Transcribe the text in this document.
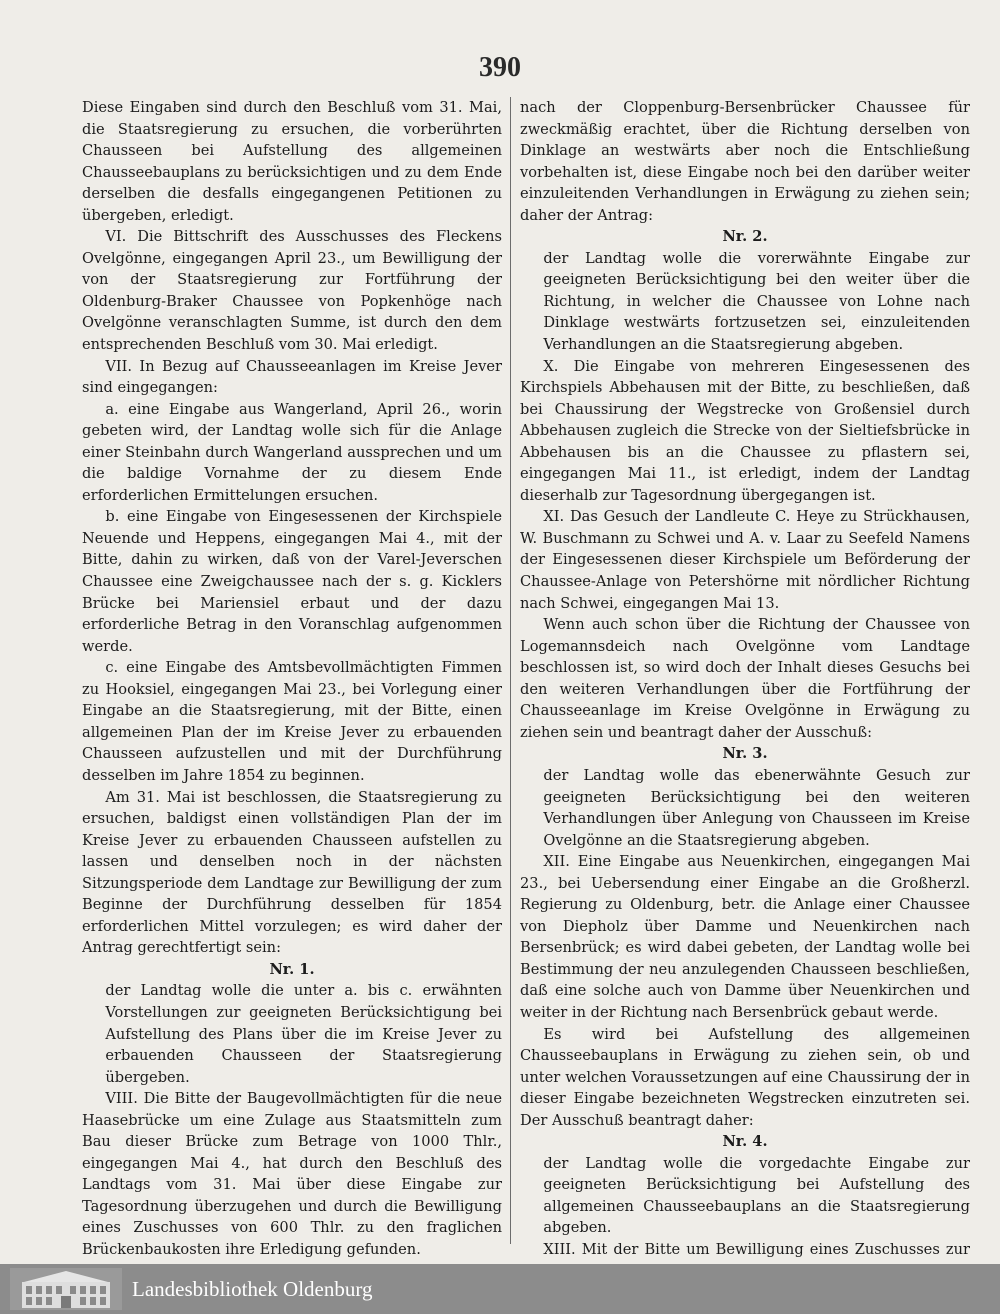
390

Diese Eingaben sind durch den Beschluß vom 31. Mai, die Staatsregierung zu ersuchen, die vorberührten Chausseen bei Aufstellung des allgemeinen Chausseebauplans zu berücksichtigen und zu dem Ende derselben die desfalls eingegangenen Petitionen zu übergeben, erledigt.

VI. Die Bittschrift des Ausschusses des Fleckens Ovelgönne, eingegangen April 23., um Bewilligung der von der Staatsregierung zur Fortführung der Oldenburg-Braker Chaussee von Popkenhöge nach Ovelgönne veranschlagten Summe, ist durch den dem entsprechenden Beschluß vom 30. Mai erledigt.

VII. In Bezug auf Chausseeanlagen im Kreise Jever sind eingegangen:

a. eine Eingabe aus Wangerland, April 26., worin gebeten wird, der Landtag wolle sich für die Anlage einer Steinbahn durch Wangerland aussprechen und um die baldige Vornahme der zu diesem Ende erforderlichen Ermittelungen ersuchen.

b. eine Eingabe von Eingesessenen der Kirchspiele Neuende und Heppens, eingegangen Mai 4., mit der Bitte, dahin zu wirken, daß von der Varel-Jeverschen Chaussee eine Zweigchaussee nach der s. g. Kicklers Brücke bei Mariensiel erbaut und der dazu erforderliche Betrag in den Voranschlag aufgenommen werde.

c. eine Eingabe des Amtsbevollmächtigten Fimmen zu Hooksiel, eingegangen Mai 23., bei Vorlegung einer Eingabe an die Staatsregierung, mit der Bitte, einen allgemeinen Plan der im Kreise Jever zu erbauenden Chausseen aufzustellen und mit der Durchführung desselben im Jahre 1854 zu beginnen.

Am 31. Mai ist beschlossen, die Staatsregierung zu ersuchen, baldigst einen vollständigen Plan der im Kreise Jever zu erbauenden Chausseen aufstellen zu lassen und denselben noch in der nächsten Sitzungsperiode dem Landtage zur Bewilligung der zum Beginne der Durchführung desselben für 1854 erforderlichen Mittel vorzulegen; es wird daher der Antrag gerechtfertigt sein:

Nr. 1.

der Landtag wolle die unter a. bis c. erwähnten Vorstellungen zur geeigneten Berücksichtigung bei Aufstellung des Plans über die im Kreise Jever zu erbauenden Chausseen der Staatsregierung übergeben.

VIII. Die Bitte der Baugevollmächtigten für die neue Haasebrücke um eine Zulage aus Staatsmitteln zum Bau dieser Brücke zum Betrage von 1000 Thlr., eingegangen Mai 4., hat durch den Beschluß des Landtags vom 31. Mai über diese Eingabe zur Tagesordnung überzugehen und durch die Bewilligung eines Zuschusses von 600 Thlr. zu den fraglichen Brückenbaukosten ihre Erledigung gefunden.

nach der Cloppenburg-Bersenbrücker Chaussee für zweckmäßig erachtet, über die Richtung derselben von Dinklage an westwärts aber noch die Entschließung vorbehalten ist, diese Eingabe noch bei den darüber weiter einzuleitenden Verhandlungen in Erwägung zu ziehen sein; daher der Antrag:

Nr. 2.

der Landtag wolle die vorerwähnte Eingabe zur geeigneten Berücksichtigung bei den weiter über die Richtung, in welcher die Chaussee von Lohne nach Dinklage westwärts fortzusetzen sei, einzuleitenden Verhandlungen an die Staatsregierung abgeben.

X. Die Eingabe von mehreren Eingesessenen des Kirchspiels Abbehausen mit der Bitte, zu beschließen, daß bei Chaussirung der Wegstrecke von Großensiel durch Abbehausen zugleich die Strecke von der Sieltiefsbrücke in Abbehausen bis an die Chaussee zu pflastern sei, eingegangen Mai 11., ist erledigt, indem der Landtag dieserhalb zur Tagesordnung übergegangen ist.

XI. Das Gesuch der Landleute C. Heye zu Strückhausen, W. Buschmann zu Schwei und A. v. Laar zu Seefeld Namens der Eingesessenen dieser Kirchspiele um Beförderung der Chaussee-Anlage von Petershörne mit nördlicher Richtung nach Schwei, eingegangen Mai 13.

Wenn auch schon über die Richtung der Chaussee von Logemannsdeich nach Ovelgönne vom Landtage beschlossen ist, so wird doch der Inhalt dieses Gesuchs bei den weiteren Verhandlungen über die Fortführung der Chausseeanlage im Kreise Ovelgönne in Erwägung zu ziehen sein und beantragt daher der Ausschuß:

Nr. 3.

der Landtag wolle das ebenerwähnte Gesuch zur geeigneten Berücksichtigung bei den weiteren Verhandlungen über Anlegung von Chausseen im Kreise Ovelgönne an die Staatsregierung abgeben.

XII. Eine Eingabe aus Neuenkirchen, eingegangen Mai 23., bei Uebersendung einer Eingabe an die Großherzl. Regierung zu Oldenburg, betr. die Anlage einer Chaussee von Diepholz über Damme und Neuenkirchen nach Bersenbrück; es wird dabei gebeten, der Landtag wolle bei Bestimmung der neu anzulegenden Chausseen beschließen, daß eine solche auch von Damme über Neuenkirchen und weiter in der Richtung nach Bersenbrück gebaut werde.

Es wird bei Aufstellung des allgemeinen Chausseebauplans in Erwägung zu ziehen sein, ob und unter welchen Voraussetzungen auf eine Chaussirung der in dieser Eingabe bezeichneten Wegstrecken einzutreten sei. Der Ausschuß beantragt daher:

Nr. 4.

der Landtag wolle die vorgedachte Eingabe zur geeigneten Berücksichtigung bei Aufstellung des allgemeinen Chausseebauplans an die Staatsregierung abgeben.

XIII. Mit der Bitte um Bewilligung eines Zuschusses zur

Landesbibliothek Oldenburg
